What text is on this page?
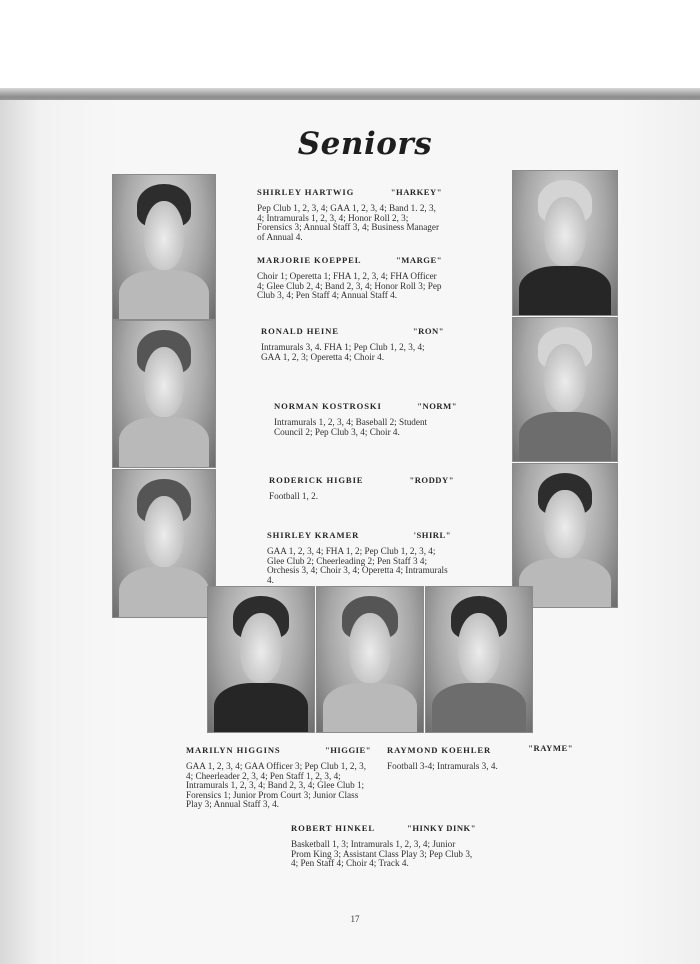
Seniors
SHIRLEY HARTWIG	"HARKEY"
Pep Club 1, 2, 3, 4; GAA 1, 2, 3, 4; Band 1. 2, 3, 4; Intramurals 1, 2, 3, 4; Honor Roll 2, 3; Forensics 3; Annual Staff 3, 4; Business Manager of Annual 4.
MARJORIE KOEPPEL	"MARGE"
Choir 1; Operetta 1; FHA 1, 2, 3, 4; FHA Officer 4; Glee Club 2, 4; Band 2, 3, 4; Honor Roll 3; Pep Club 3, 4; Pen Staff 4; Annual Staff 4.
RONALD HEINE	"RON"
Intramurals 3, 4. FHA 1; Pep Club 1, 2, 3, 4; GAA 1, 2, 3; Operetta 4; Choir 4.
NORMAN KOSTROSKI	"NORM"
Intramurals 1, 2, 3, 4; Baseball 2; Student Council 2; Pep Club 3, 4; Choir 4.
RODERICK HIGBIE	"RODDY"
Football 1, 2.
SHIRLEY KRAMER	'SHIRL"
GAA 1, 2, 3, 4; FHA 1, 2; Pep Club 1, 2, 3, 4; Glee Club 2; Cheerleading 2; Pen Staff 3 4; Orchesis 3, 4; Choir 3, 4; Operetta 4; Intramurals 4.
MARILYN HIGGINS	"HIGGIE"
GAA 1, 2, 3, 4; GAA Officer 3; Pep Club 1, 2, 3, 4; Cheerleader 2, 3, 4; Pen Staff 1, 2, 3, 4; Intramurals 1, 2, 3, 4; Band 2, 3, 4; Glee Club 1; Forensics 1; Junior Prom Court 3; Junior Class Play 3; Annual Staff 3, 4.
RAYMOND KOEHLER	"RAYME"
Football 3-4; Intramurals 3, 4.
ROBERT HINKEL	"HINKY DINK"
Basketball 1, 3; Intramurals 1, 2, 3, 4; Junior Prom King 3; Assistant Class Play 3; Pep Club 3, 4; Pen Staff 4; Choir 4; Track 4.
17
